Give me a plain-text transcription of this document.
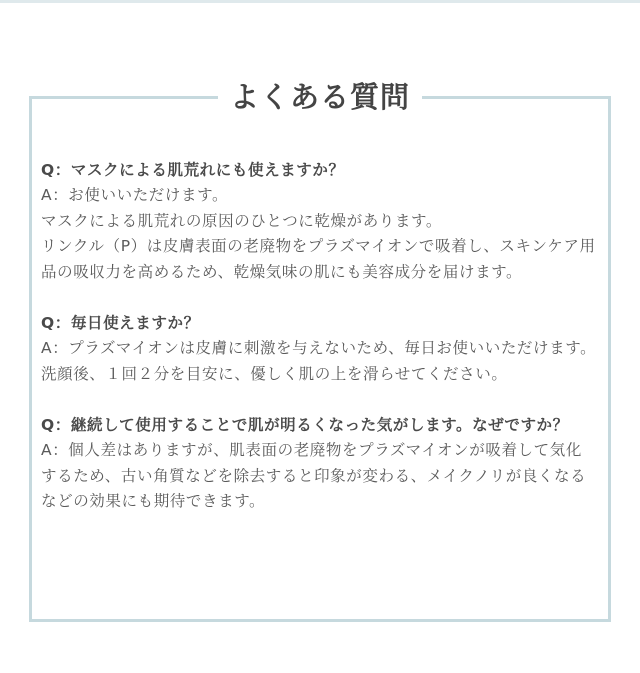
よくある質問
Q：マスクによる肌荒れにも使えますか？

A：お使いいただけます。

マスクによる肌荒れの原因のひとつに乾燥があります。

リンクル（P）は皮膚表面の老廃物をプラズマイオンで吸着し、スキンケア用品の吸収力を高めるため、乾燥気味の肌にも美容成分を届けます。

Q：毎日使えますか？

A：プラズマイオンは皮膚に刺激を与えないため、毎日お使いいただけます。洗顔後、１回２分を目安に、優しく肌の上を滑らせてください。

Q：継続して使用することで肌が明るくなった気がします。なぜですか？

A：個人差はありますが、肌表面の老廃物をプラズマイオンが吸着して気化するため、古い角質などを除去すると印象が変わる、メイクノリが良くなるなどの効果にも期待できます。
